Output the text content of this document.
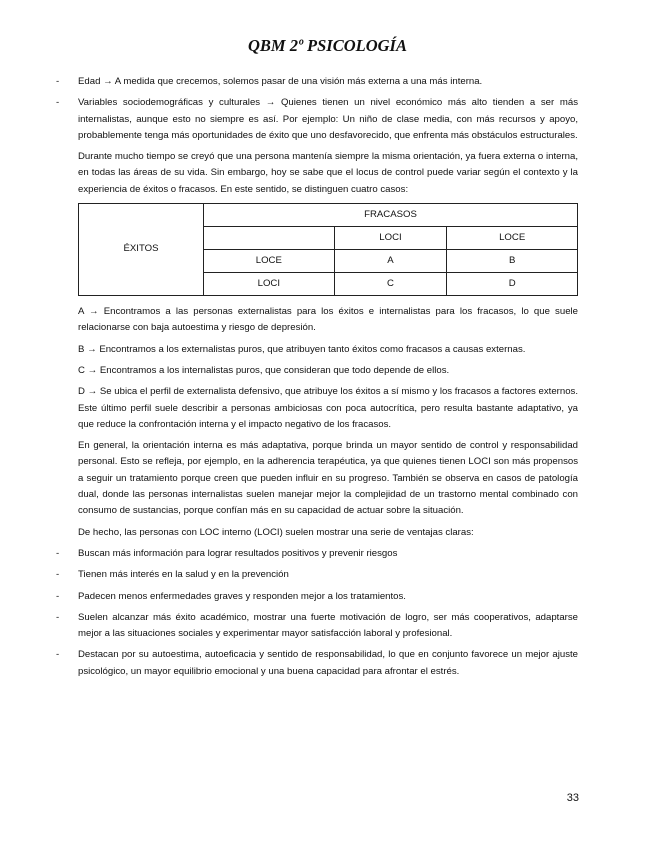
QBM 2º PSICOLOGÍA
- Edad → A medida que crecemos, solemos pasar de una visión más externa a una más interna.
- Variables sociodemográficas y culturales → Quienes tienen un nivel económico más alto tienden a ser más internalistas, aunque esto no siempre es así. Por ejemplo: Un niño de clase media, con más recursos y apoyo, probablemente tenga más oportunidades de éxito que uno desfavorecido, que enfrenta más obstáculos estructurales.

Durante mucho tiempo se creyó que una persona mantenía siempre la misma orientación, ya fuera externa o interna, en todas las áreas de su vida. Sin embargo, hoy se sabe que el locus de control puede variar según el contexto y la experiencia de éxitos o fracasos. En este sentido, se distinguen cuatro casos:

ÉXITOS	FRACASOS		
		LOCI	LOCE
	LOCE	A	B
	LOCI	C	D

A → Encontramos a las personas externalistas para los éxitos e internalistas para los fracasos, lo que suele relacionarse con baja autoestima y riesgo de depresión.

B → Encontramos a los externalistas puros, que atribuyen tanto éxitos como fracasos a causas externas.

C → Encontramos a los internalistas puros, que consideran que todo depende de ellos.

D → Se ubica el perfil de externalista defensivo, que atribuye los éxitos a sí mismo y los fracasos a factores externos. Este último perfil suele describir a personas ambiciosas con poca autocrítica, pero resulta bastante adaptativo, ya que reduce la confrontación interna y el impacto negativo de los fracasos.

En general, la orientación interna es más adaptativa, porque brinda un mayor sentido de control y responsabilidad personal. Esto se refleja, por ejemplo, en la adherencia terapéutica, ya que quienes tienen LOCI son más propensos a seguir un tratamiento porque creen que pueden influir en su progreso. También se observa en casos de patología dual, donde las personas internalistas suelen manejar mejor la complejidad de un trastorno mental combinado con consumo de sustancias, porque confían más en su capacidad de actuar sobre la situación.

De hecho, las personas con LOC interno (LOCI) suelen mostrar una serie de ventajas claras:

- Buscan más información para lograr resultados positivos y prevenir riesgos
- Tienen más interés en la salud y en la prevención
- Padecen menos enfermedades graves y responden mejor a los tratamientos.
- Suelen alcanzar más éxito académico, mostrar una fuerte motivación de logro, ser más cooperativos, adaptarse mejor a las situaciones sociales y experimentar mayor satisfacción laboral y profesional.
- Destacan por su autoestima, autoeficacia y sentido de responsabilidad, lo que en conjunto favorece un mejor ajuste psicológico, un mayor equilibrio emocional y una buena capacidad para afrontar el estrés.
33
